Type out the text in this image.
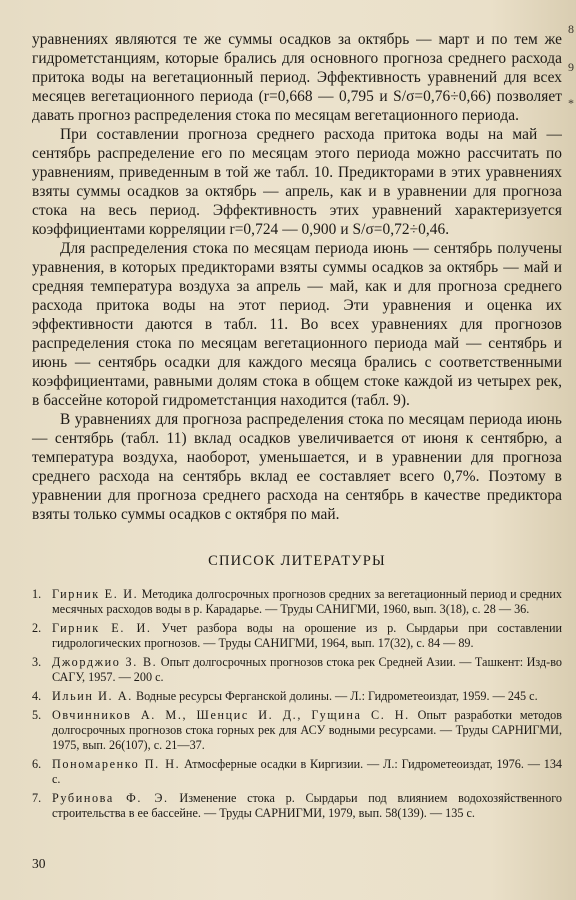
уравнениях являются те же суммы осадков за октябрь — март и по тем же гидрометстанциям, которые брались для основного прогноза среднего расхода притока воды на вегетационный период. Эффективность уравнений для всех месяцев вегетационного периода (r=0,668 — 0,795 и S/σ=0,76÷0,66) позволяет давать прогноз распределения стока по месяцам вегетационного периода.

При составлении прогноза среднего расхода притока воды на май — сентябрь распределение его по месяцам этого периода можно рассчитать по уравнениям, приведенным в той же табл. 10. Предикторами в этих уравнениях взяты суммы осадков за октябрь — апрель, как и в уравнении для прогноза стока на весь период. Эффективность этих уравнений характеризуется коэффициентами корреляции r=0,724 — 0,900 и S/σ=0,72÷0,46.

Для распределения стока по месяцам периода июнь — сентябрь получены уравнения, в которых предикторами взяты суммы осадков за октябрь — май и средняя температура воздуха за апрель — май, как и для прогноза среднего расхода притока воды на этот период. Эти уравнения и оценка их эффективности даются в табл. 11. Во всех уравнениях для прогнозов распределения стока по месяцам вегетационного периода май — сентябрь и июнь — сентябрь осадки для каждого месяца брались с соответственными коэффициентами, равными долям стока в общем стоке каждой из четырех рек, в бассейне которой гидрометстанция находится (табл. 9).

В уравнениях для прогноза распределения стока по месяцам периода июнь — сентябрь (табл. 11) вклад осадков увеличивается от июня к сентябрю, а температура воздуха, наоборот, уменьшается, и в уравнении для прогноза среднего расхода на сентябрь вклад ее составляет всего 0,7%. Поэтому в уравнении для прогноза среднего расхода на сентябрь в качестве предиктора взяты только суммы осадков с октября по май.

СПИСОК ЛИТЕРАТУРЫ
1. Гирник Е. И. Методика долгосрочных прогнозов средних за вегетационный период и средних месячных расходов воды в р. Карадарье. — Труды САНИГМИ, 1960, вып. 3(18), с. 28 — 36.
2. Гирник Е. И. Учет разбора воды на орошение из р. Сырдарьи при составлении гидрологических прогнозов. — Труды САНИГМИ, 1964, вып. 17(32), с. 84 — 89.
3. Джорджио З. В. Опыт долгосрочных прогнозов стока рек Средней Азии. — Ташкент: Изд-во САГУ, 1957. — 200 с.
4. Ильин И. А. Водные ресурсы Ферганской долины. — Л.: Гидрометеоиздат, 1959. — 245 с.
5. Овчинников А. М., Шенцис И. Д., Гущина С. Н. Опыт разработки методов долгосрочных прогнозов стока горных рек для АСУ водными ресурсами. — Труды САРНИГМИ, 1975, вып. 26(107), с. 21—37.
6. Пономаренко П. Н. Атмосферные осадки в Киргизии. — Л.: Гидрометеоиздат, 1976. — 134 с.
7. Рубинова Ф. Э. Изменение стока р. Сырдарьи под влиянием водохозяйственного строительства в ее бассейне. — Труды САРНИГМИ, 1979, вып. 58(139). — 135 с.
30
8
9
*
